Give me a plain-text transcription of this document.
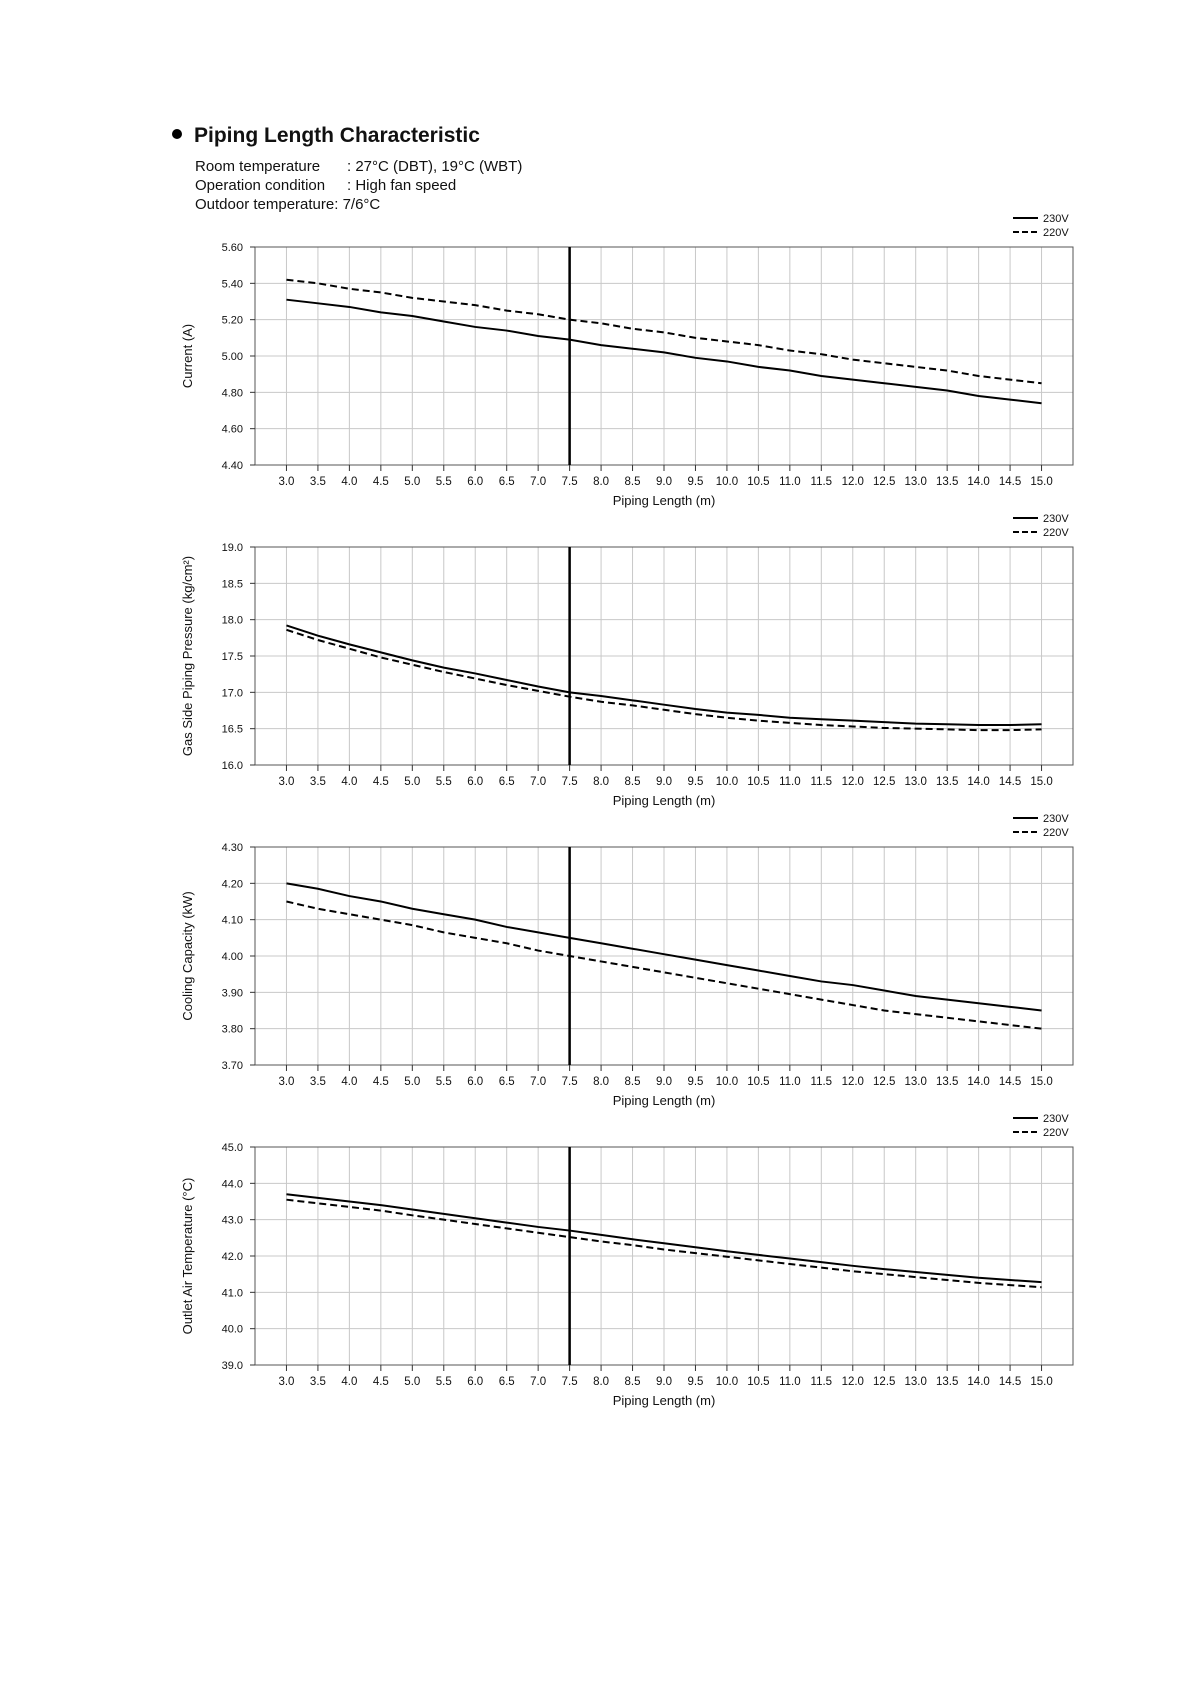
Piping Length Characteristic
Room temperature : 27°C (DBT), 19°C (WBT)
Operation condition : High fan speed
Outdoor temperature: 7/6°C
4.40
4.60
4.80
5.00
5.20
5.40
5.60
3.0 3.5 4.0 4.5 5.0 5.5 6.0 6.5 7.0 7.5 8.0 8.5 9.0 9.5 10.0 10.5 11.0 11.5 12.0 12.5 13.0 13.5 14.0 14.5 15.0
Piping Length (m)
Current (A)
230V
220V
16.0
16.5
17.0
17.5
18.0
18.5
19.0
3.0 3.5 4.0 4.5 5.0 5.5 6.0 6.5 7.0 7.5 8.0 8.5 9.0 9.5 10.0 10.5 11.0 11.5 12.0 12.5 13.0 13.5 14.0 14.5 15.0
Piping Length (m)
Gas Side Piping Pressure (kg/cm²)
230V
220V
3.70
3.80
3.90
4.00
4.10
4.20
4.30
3.0 3.5 4.0 4.5 5.0 5.5 6.0 6.5 7.0 7.5 8.0 8.5 9.0 9.5 10.0 10.5 11.0 11.5 12.0 12.5 13.0 13.5 14.0 14.5 15.0
Piping Length (m)
Cooling Capacity (kW)
230V
220V
39.0
40.0
41.0
42.0
43.0
44.0
45.0
3.0 3.5 4.0 4.5 5.0 5.5 6.0 6.5 7.0 7.5 8.0 8.5 9.0 9.5 10.0 10.5 11.0 11.5 12.0 12.5 13.0 13.5 14.0 14.5 15.0
Piping Length (m)
Outlet Air Temperature (°C)
230V
220V
